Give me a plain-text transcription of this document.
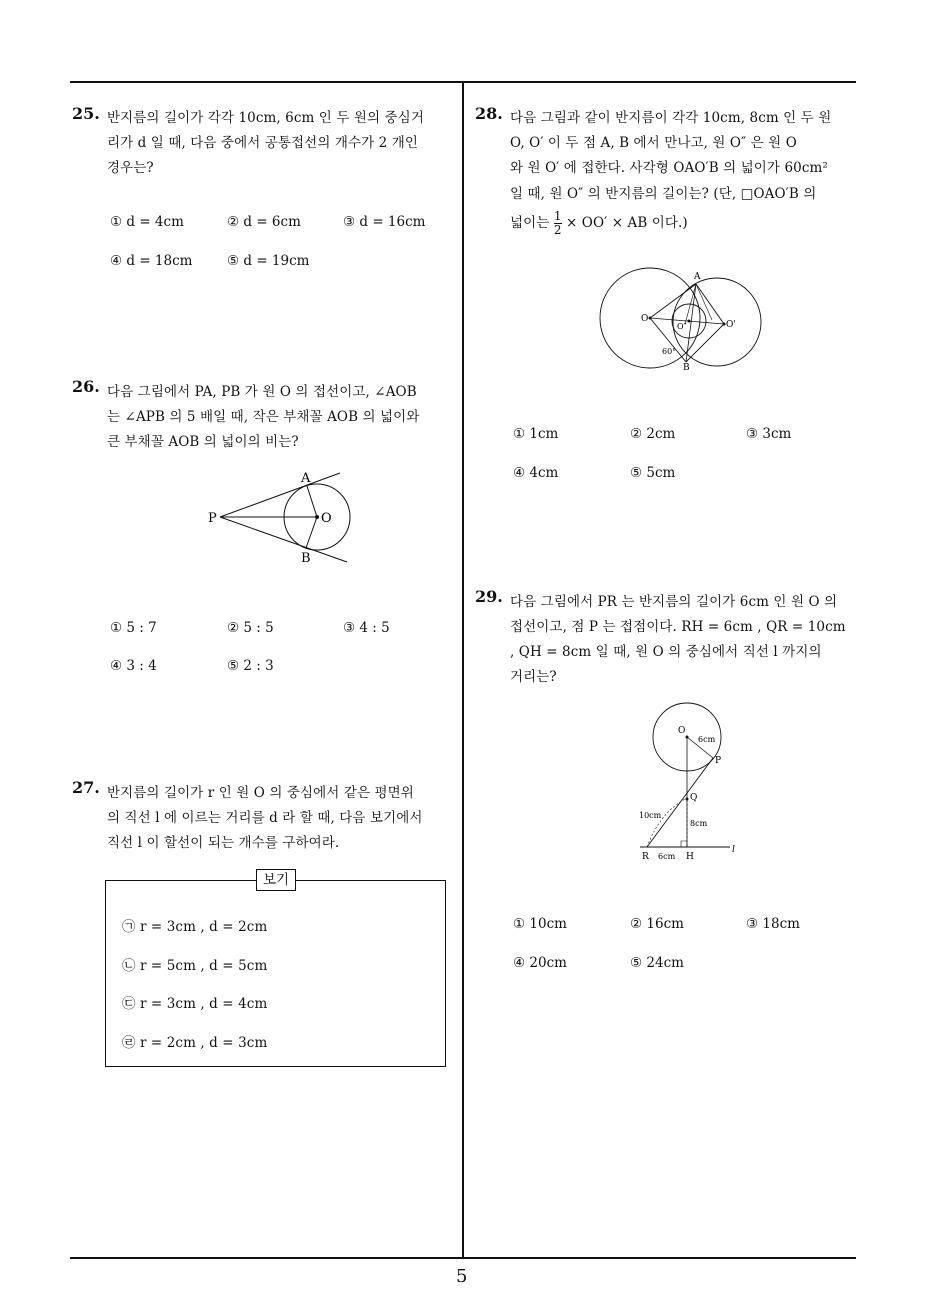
5
25. 반지름의 길이가 각각 10cm, 6cm 인 두 원의 중심거
리가 d 일 때, 다음 중에서 공통접선의 개수가 2 개인
경우는?
① d = 4cm	② d = 6cm	③ d = 16cm
④ d = 18cm	⑤ d = 19cm
26. 다음 그림에서 PA, PB 가 원 O 의 접선이고, ∠AOB
는 ∠APB 의 5 배일 때, 작은 부채꼴 AOB 의 넓이와
큰 부채꼴 AOB 의 넓이의 비는?
P
A
O
B
① 5 : 7	② 5 : 5	③ 4 : 5
④ 3 : 4	⑤ 2 : 3
27. 반지름의 길이가 r 인 원 O 의 중심에서 같은 평면위
의 직선 l 에 이르는 거리를 d 라 할 때, 다음 보기에서
직선 l 이 할선이 되는 개수를 구하여라.
보기
㉠ r = 3cm , d = 2cm
㉡ r = 5cm , d = 5cm
㉢ r = 3cm , d = 4cm
㉣ r = 2cm , d = 3cm
28. 다음 그림과 같이 반지름이 각각 10cm, 8cm 인 두 원
O, O′ 이 두 점 A, B 에서 만나고, 원 O″ 은 원 O
와 원 O′ 에 접한다. 사각형 OAO′B 의 넓이가 60cm²
일 때, 원 O″ 의 반지름의 길이는? (단, □OAO′B 의
넓이는 $\frac{1}{2} \times OO'$ × AB 이다.)
A
O
O″	O'
60°
B
① 1cm	② 2cm	③ 3cm
④ 4cm	⑤ 5cm
29. 다음 그림에서 PR 는 반지름의 길이가 6cm 인 원 O 의
접선이고, 점 P 는 접점이다. RH = 6cm , QR = 10cm
, QH = 8cm 일 때, 원 O 의 중심에서 직선 l 까지의
거리는?
O
6cm
P
Q
10cm
8cm
R 6cm H
l
① 10cm	② 16cm	③ 18cm
④ 20cm	⑤ 24cm
